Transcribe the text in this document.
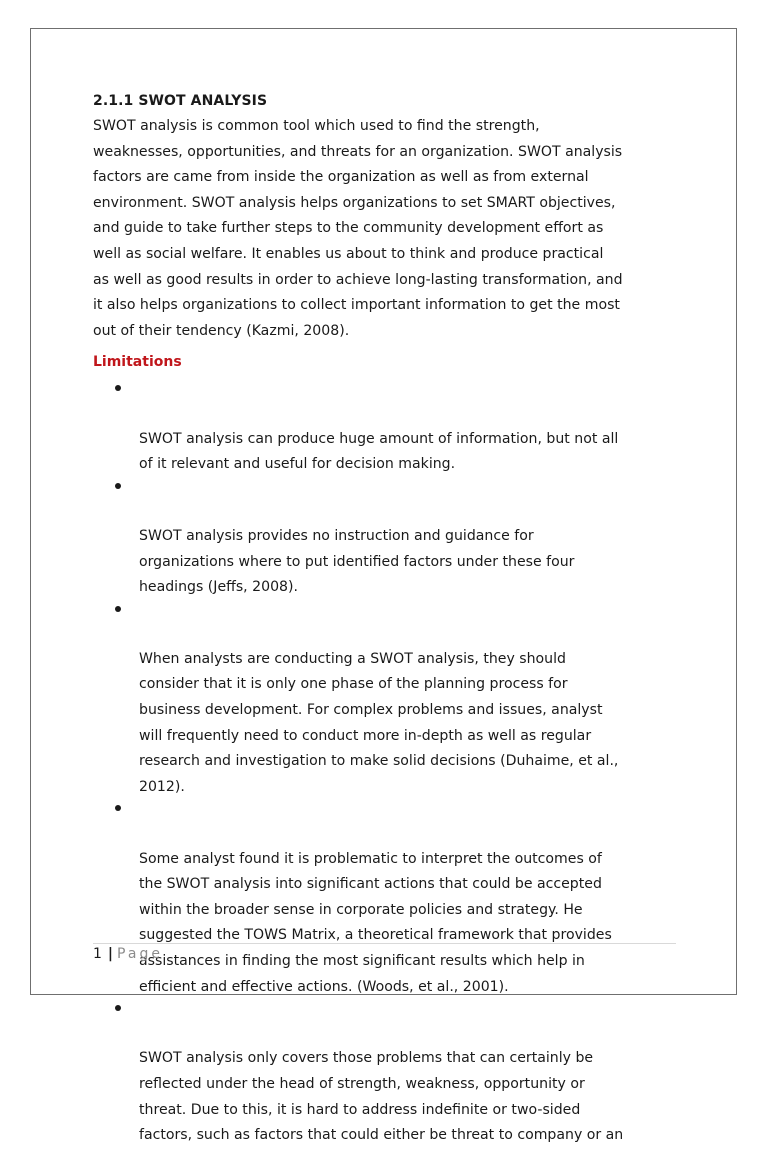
2.1.1 SWOT ANALYSIS

SWOT analysis is common tool which used to find the strength,
weaknesses, opportunities, and threats for an organization. SWOT analysis
factors are came from inside the organization as well as from external
environment. SWOT analysis helps organizations to set SMART objectives,
and guide to take further steps to the community development effort as
well as social welfare. It enables us about to think and produce practical
as well as good results in order to achieve long-lasting transformation, and
it also helps organizations to collect important information to get the most
out of their tendency (Kazmi, 2008).

Limitations

SWOT analysis can produce huge amount of information, but not all
of it relevant and useful for decision making.

SWOT analysis provides no instruction and guidance for
organizations where to put identified factors under these four
headings (Jeffs, 2008).

When analysts are conducting a SWOT analysis, they should
consider that it is only one phase of the planning process for
business development. For complex problems and issues, analyst
will frequently need to conduct more in-depth as well as regular
research and investigation to make solid decisions (Duhaime, et al.,
2012).

Some analyst found it is problematic to interpret the outcomes of
the SWOT analysis into significant actions that could be accepted
within the broader sense in corporate policies and strategy. He
suggested the TOWS Matrix, a theoretical framework that provides
assistances in finding the most significant results which help in
efficient and effective actions. (Woods, et al., 2001).

SWOT analysis only covers those problems that can certainly be
reflected under the head of strength, weakness, opportunity or
threat. Due to this, it is hard to address indefinite or two-sided
factors, such as factors that could either be threat to company or an

1 | Page
